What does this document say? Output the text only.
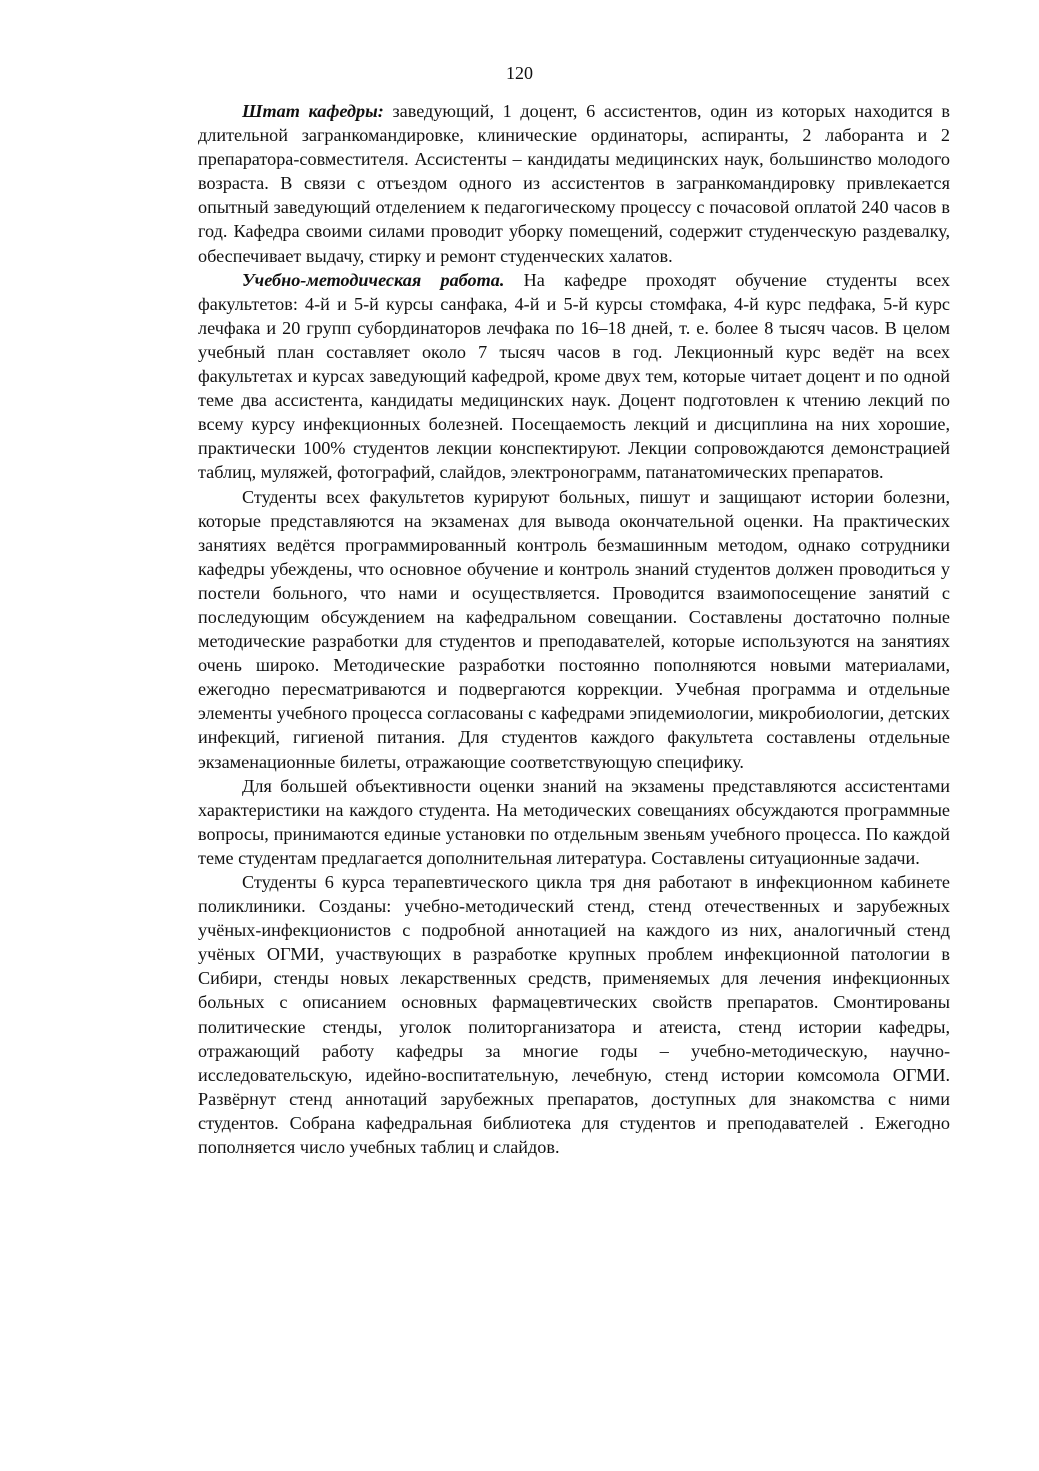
120

Штат кафедры: заведующий, 1 доцент, 6 ассистентов, один из которых находится в длительной загранкомандировке, клинические ординаторы, аспиранты, 2 лаборанта и 2 препаратора-совместителя. Ассистенты – кандидаты медицинских наук, большинство молодого возраста. В связи с отъездом одного из ассистентов в загранкомандировку привлекается опытный заведующий отделением к педагогическому процессу с почасовой оплатой 240 часов в год. Кафедра своими силами проводит уборку помещений, содержит студенческую раздевалку, обеспечивает выдачу, стирку и ремонт студенческих халатов.

Учебно-методическая работа. На кафедре проходят обучение студенты всех факультетов: 4-й и 5-й курсы санфака, 4-й и 5-й курсы стомфака, 4-й курс педфака, 5-й курс лечфака и 20 групп субординаторов лечфака по 16–18 дней, т. е. более 8 тысяч часов. В целом учебный план составляет около 7 тысяч часов в год. Лекционный курс ведёт на всех факультетах и курсах заведующий кафедрой, кроме двух тем, которые читает доцент и по одной теме два ассистента, кандидаты медицинских наук. Доцент подготовлен к чтению лекций по всему курсу инфекционных болезней. Посещаемость лекций и дисциплина на них хорошие, практически 100% студентов лекции конспектируют. Лекции сопровождаются демонстрацией таблиц, муляжей, фотографий, слайдов, электронограмм, патанатомических препаратов.

Студенты всех факультетов курируют больных, пишут и защищают истории болезни, которые представляются на экзаменах для вывода окончательной оценки. На практических занятиях ведётся программированный контроль безмашинным методом, однако сотрудники кафедры убеждены, что основное обучение и контроль знаний студентов должен проводиться у постели больного, что нами и осуществляется. Проводится взаимопосещение занятий с последующим обсуждением на кафедральном совещании. Составлены достаточно полные методические разработки для студентов и преподавателей, которые используются на занятиях очень широко. Методические разработки постоянно пополняются новыми материалами, ежегодно пересматриваются и подвергаются коррекции. Учебная программа и отдельные элементы учебного процесса согласованы с кафедрами эпидемиологии, микробиологии, детских инфекций, гигиеной питания. Для студентов каждого факультета составлены отдельные экзаменационные билеты, отражающие соответствующую специфику.

Для большей объективности оценки знаний на экзамены представляются ассистентами характеристики на каждого студента. На методических совещаниях обсуждаются программные вопросы, принимаются единые установки по отдельным звеньям учебного процесса. По каждой теме студентам предлагается дополнительная литература. Составлены ситуационные задачи.

Студенты 6 курса терапевтического цикла тря дня работают в инфекционном кабинете поликлиники. Созданы: учебно-методический стенд, стенд отечественных и зарубежных учёных-инфекционистов с подробной аннотацией на каждого из них, аналогичный стенд учёных ОГМИ, участвующих в разработке крупных проблем инфекционной патологии в Сибири, стенды новых лекарственных средств, применяемых для лечения инфекционных больных с описанием основных фармацевтических свойств препаратов. Смонтированы политические стенды, уголок политорганизатора и атеиста, стенд истории кафедры, отражающий работу кафедры за многие годы – учебно-методическую, научно-исследовательскую, идейно-воспитательную, лечебную, стенд истории комсомола ОГМИ. Развёрнут стенд аннотаций зарубежных препаратов, доступных для знакомства с ними студентов. Собрана кафедральная библиотека для студентов и преподавателей . Ежегодно пополняется число учебных таблиц и слайдов.
